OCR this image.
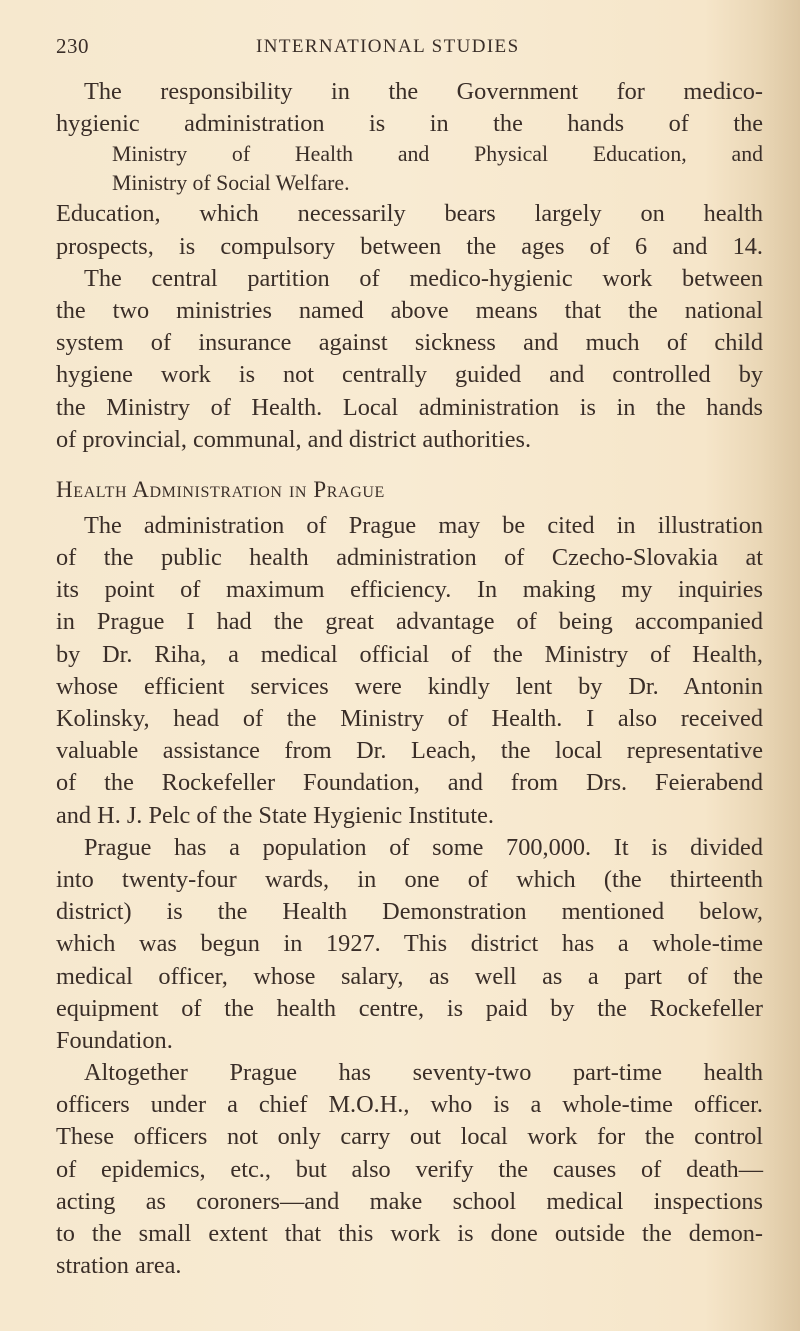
230	INTERNATIONAL STUDIES
The responsibility in the Government for medico-
hygienic administration is in the hands of the
Ministry of Health and Physical Education, and
Ministry of Social Welfare.
Education, which necessarily bears largely on health
prospects, is compulsory between the ages of 6 and 14.
The central partition of medico-hygienic work between
the two ministries named above means that the national
system of insurance against sickness and much of child
hygiene work is not centrally guided and controlled by
the Ministry of Health. Local administration is in the hands
of provincial, communal, and district authorities.
Health Administration in Prague
The administration of Prague may be cited in illustration
of the public health administration of Czecho-Slovakia at
its point of maximum efficiency. In making my inquiries
in Prague I had the great advantage of being accompanied
by Dr. Riha, a medical official of the Ministry of Health,
whose efficient services were kindly lent by Dr. Antonin
Kolinsky, head of the Ministry of Health. I also received
valuable assistance from Dr. Leach, the local representative
of the Rockefeller Foundation, and from Drs. Feierabend
and H. J. Pelc of the State Hygienic Institute.
Prague has a population of some 700,000. It is divided
into twenty-four wards, in one of which (the thirteenth
district) is the Health Demonstration mentioned below,
which was begun in 1927. This district has a whole-time
medical officer, whose salary, as well as a part of the
equipment of the health centre, is paid by the Rockefeller
Foundation.
Altogether Prague has seventy-two part-time health
officers under a chief M.O.H., who is a whole-time officer.
These officers not only carry out local work for the control
of epidemics, etc., but also verify the causes of death—
acting as coroners—and make school medical inspections
to the small extent that this work is done outside the demon-
stration area.
